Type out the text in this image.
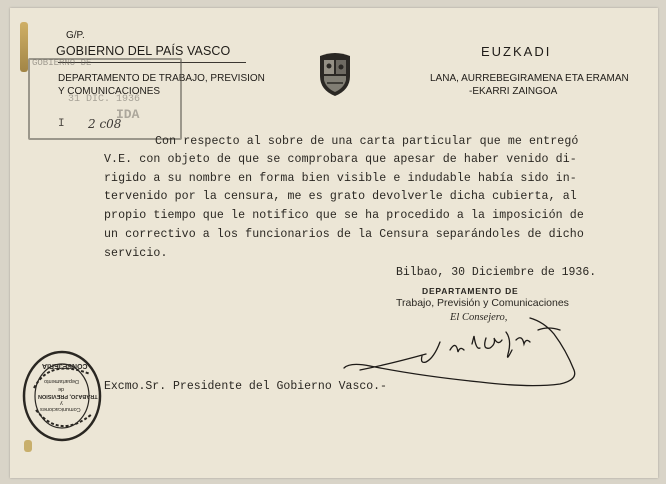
G/P.
GOBIERNO DEL PAÍS VASCO
DEPARTAMENTO DE TRABAJO, PREVISION
Y COMUNICACIONES
GOBIERNO DE
31 DIC. 1936
IDA
I 2 c08
EUZKADI
LANA, AURREBEGIRAMENA ETA ERAMAN
-EKARRI ZAINGOA
Con respecto al sobre de una carta particular que me entregó
V.E. con objeto de que se comprobara que apesar de haber venido di-
rigido a su nombre en forma bien visible e indudable había sido in-
tervenido por la censura, me es grato devolverle dicha cubierta, al
propio tiempo que le notifico que se ha procedido a la imposición de
un correctivo a los funcionarios de la Censura separándoles de dicho
servicio.
Bilbao, 30 Diciembre de 1936.
DEPARTAMENTO DE
Trabajo, Previsión y Comunicaciones
El Consejero,
Excmo.Sr. Presidente del Gobierno Vasco.-
Departamento
de
TRABAJO, PREVISION
y
Comunicaciones
CONSEJERIA
